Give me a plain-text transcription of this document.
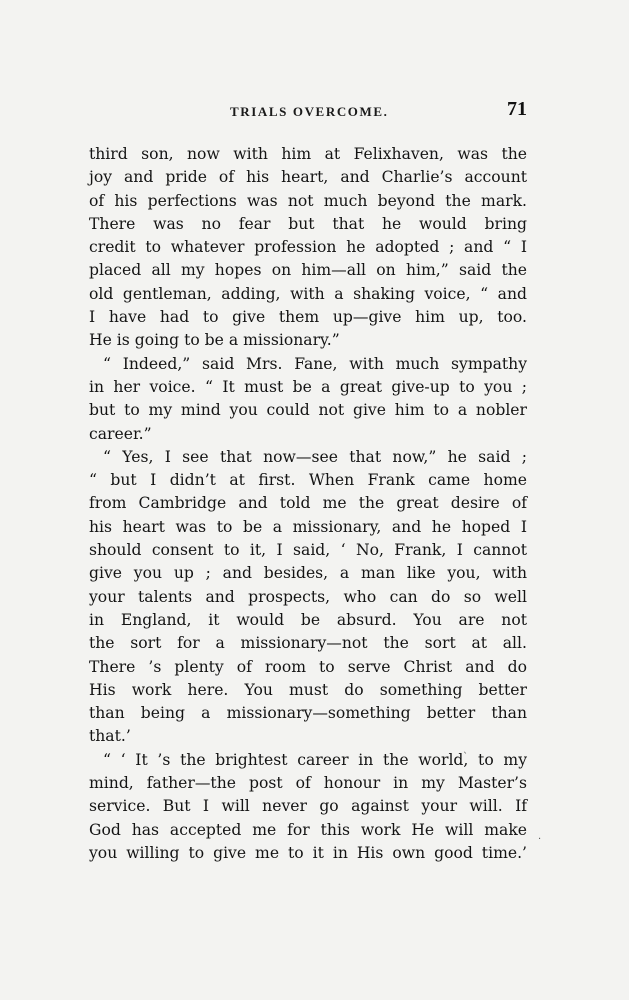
TRIALS OVERCOME.	71
third son, now with him at Felixhaven, was the
joy and pride of his heart, and Charlie’s account
of his perfections was not much beyond the mark.
There was no fear but that he would bring
credit to whatever profession he adopted ; and “ I
placed all my hopes on him—all on him,” said the
old gentleman, adding, with a shaking voice, “ and
I have had to give them up—give him up, too.
He is going to be a missionary.”
“ Indeed,” said Mrs. Fane, with much sympathy
in her voice. “ It must be a great give-up to you ;
but to my mind you could not give him to a nobler
career.”
“ Yes, I see that now—see that now,” he said ;
“ but I didn’t at first. When Frank came home
from Cambridge and told me the great desire of
his heart was to be a missionary, and he hoped I
should consent to it, I said, ‘ No, Frank, I cannot
give you up ; and besides, a man like you, with
your talents and prospects, who can do so well
in England, it would be absurd. You are not
the sort for a missionary—not the sort at all.
There ’s plenty of room to serve Christ and do
His work here. You must do something better
than being a missionary—something better than
that.’
“ ‘ It ’s the brightest career in the world, to my
mind, father—the post of honour in my Master’s
service. But I will never go against your will. If
God has accepted me for this work He will make
you willing to give me to it in His own good time.’
·
ˎ
